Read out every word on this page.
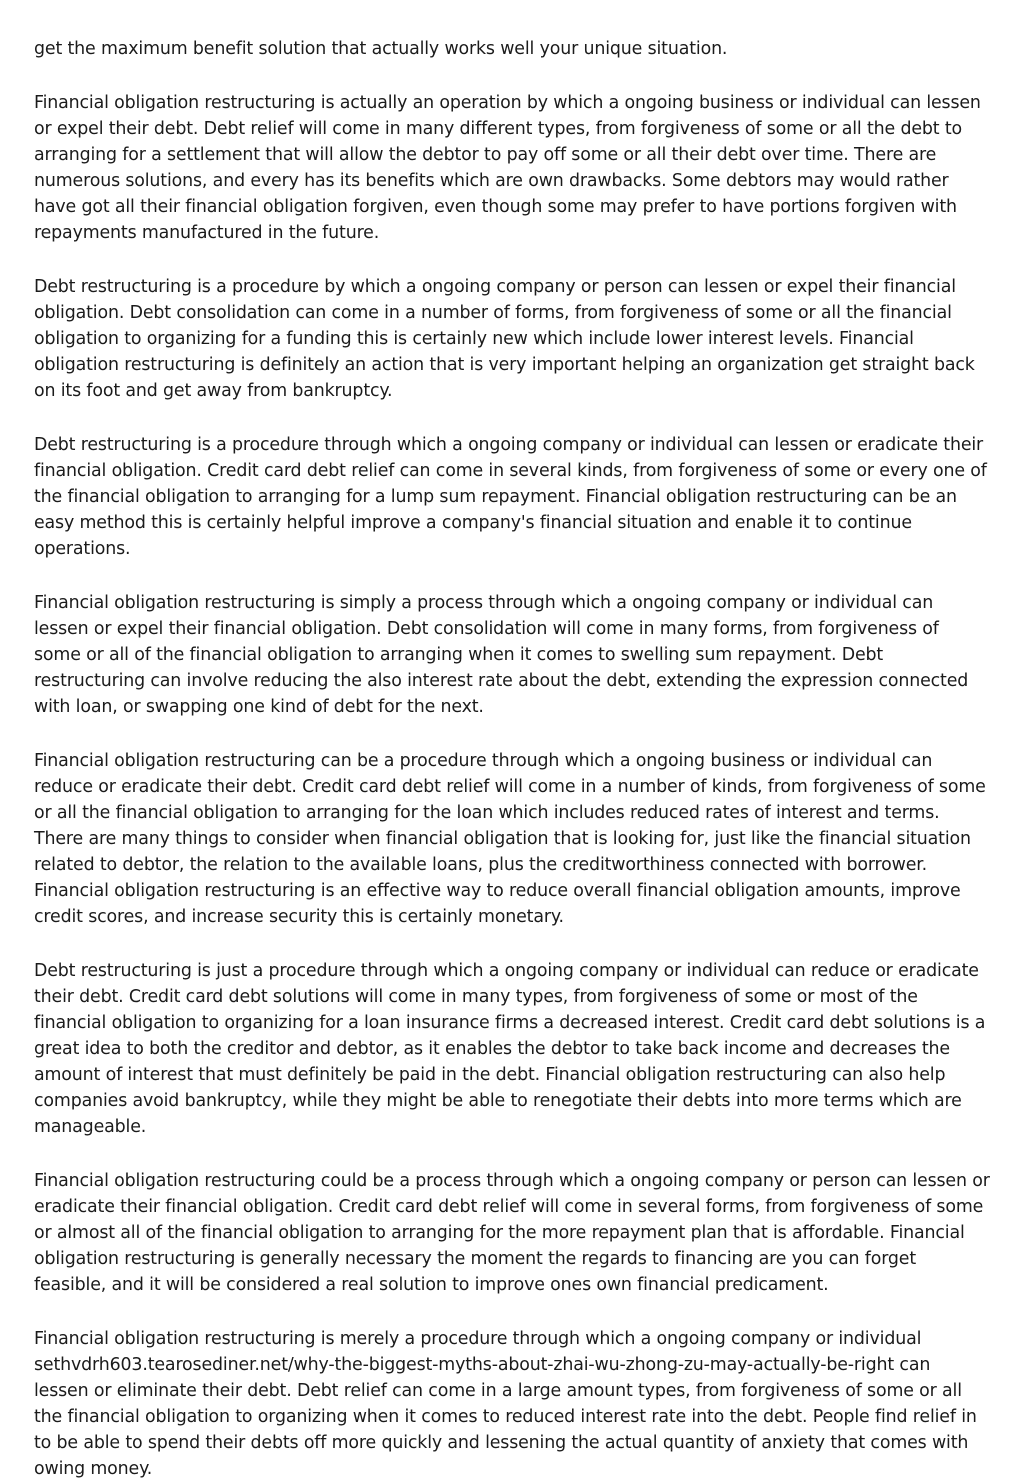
get the maximum benefit solution that actually works well your unique situation.

Financial obligation restructuring is actually an operation by which a ongoing business or individual can lessen or expel their debt. Debt relief will come in many different types, from forgiveness of some or all the debt to arranging for a settlement that will allow the debtor to pay off some or all their debt over time. There are numerous solutions, and every has its benefits which are own drawbacks. Some debtors may would rather have got all their financial obligation forgiven, even though some may prefer to have portions forgiven with repayments manufactured in the future.

Debt restructuring is a procedure by which a ongoing company or person can lessen or expel their financial obligation. Debt consolidation can come in a number of forms, from forgiveness of some or all the financial obligation to organizing for a funding this is certainly new which include lower interest levels. Financial obligation restructuring is definitely an action that is very important helping an organization get straight back on its foot and get away from bankruptcy.

Debt restructuring is a procedure through which a ongoing company or individual can lessen or eradicate their financial obligation. Credit card debt relief can come in several kinds, from forgiveness of some or every one of the financial obligation to arranging for a lump sum repayment. Financial obligation restructuring can be an easy method this is certainly helpful improve a company's financial situation and enable it to continue operations.

Financial obligation restructuring is simply a process through which a ongoing company or individual can lessen or expel their financial obligation. Debt consolidation will come in many forms, from forgiveness of some or all of the financial obligation to arranging when it comes to swelling sum repayment. Debt restructuring can involve reducing the also interest rate about the debt, extending the expression connected with loan, or swapping one kind of debt for the next.

Financial obligation restructuring can be a procedure through which a ongoing business or individual can reduce or eradicate their debt. Credit card debt relief will come in a number of kinds, from forgiveness of some or all the financial obligation to arranging for the loan which includes reduced rates of interest and terms. There are many things to consider when financial obligation that is looking for, just like the financial situation related to debtor, the relation to the available loans, plus the creditworthiness connected with borrower. Financial obligation restructuring is an effective way to reduce overall financial obligation amounts, improve credit scores, and increase security this is certainly monetary.

Debt restructuring is just a procedure through which a ongoing company or individual can reduce or eradicate their debt. Credit card debt solutions will come in many types, from forgiveness of some or most of the financial obligation to organizing for a loan insurance firms a decreased interest. Credit card debt solutions is a great idea to both the creditor and debtor, as it enables the debtor to take back income and decreases the amount of interest that must definitely be paid in the debt. Financial obligation restructuring can also help companies avoid bankruptcy, while they might be able to renegotiate their debts into more terms which are manageable.

Financial obligation restructuring could be a process through which a ongoing company or person can lessen or eradicate their financial obligation. Credit card debt relief will come in several forms, from forgiveness of some or almost all of the financial obligation to arranging for the more repayment plan that is affordable. Financial obligation restructuring is generally necessary the moment the regards to financing are you can forget feasible, and it will be considered a real solution to improve ones own financial predicament.

Financial obligation restructuring is merely a procedure through which a ongoing company or individual sethvdrh603.tearosediner.net/why-the-biggest-myths-about-zhai-wu-zhong-zu-may-actually-be-right can lessen or eliminate their debt. Debt relief can come in a large amount types, from forgiveness of some or all the financial obligation to organizing when it comes to reduced interest rate into the debt. People find relief in to be able to spend their debts off more quickly and lessening the actual quantity of anxiety that comes with owing money.
